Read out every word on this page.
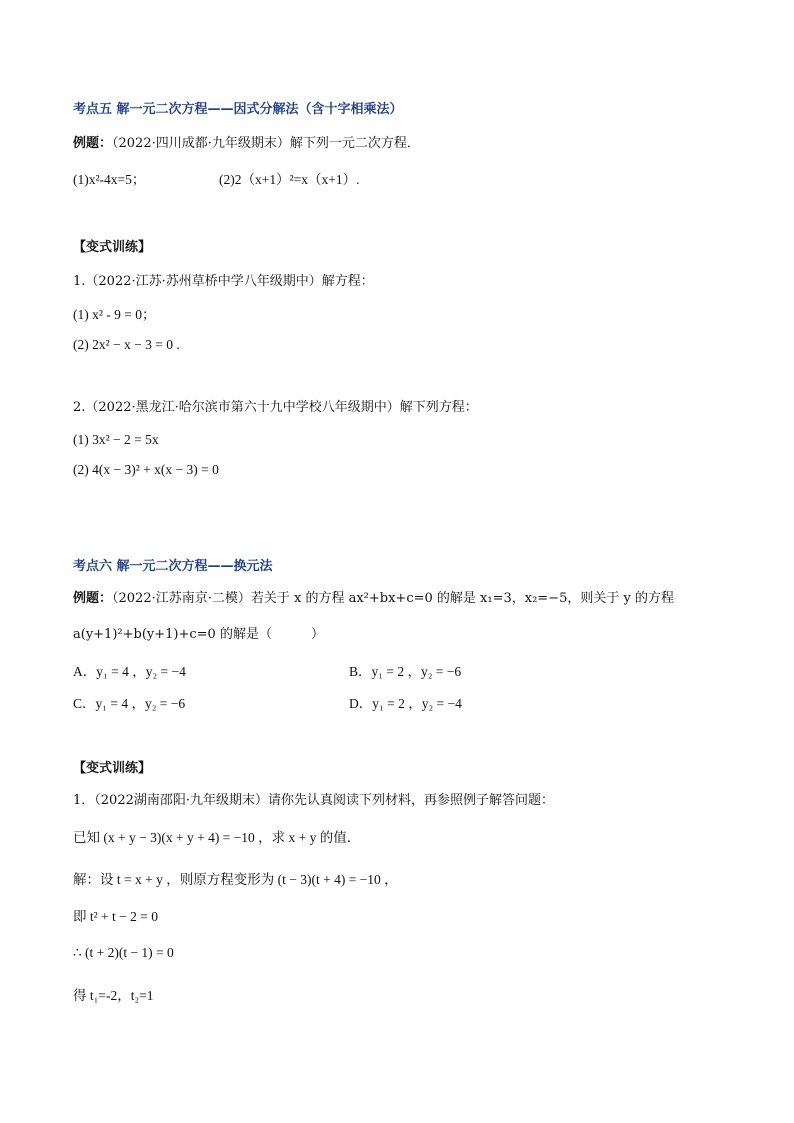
考点五 解一元二次方程——因式分解法（含十字相乘法）
例题：（2022·四川成都·九年级期末）解下列一元二次方程．
(1)x²-4x=5；	(2)2（x+1）²=x（x+1）.
【变式训练】
1.（2022·江苏·苏州草桥中学八年级期中）解方程：
(1) x² - 9 = 0；
(2) 2x² − x − 3 = 0 .
2.（2022·黑龙江·哈尔滨市第六十九中学校八年级期中）解下列方程：
(1) 3x² − 2 = 5x
(2) 4(x − 3)² + x(x − 3) = 0
考点六 解一元二次方程——换元法
例题：（2022·江苏南京·二模）若关于 x 的方程 ax²+bx+c=0 的解是 x₁=3，x₂=−5，则关于 y 的方程
a(y+1)²+b(y+1)+c=0 的解是（　　　）
A．y₁ = 4 ，y₂ = −4	B．y₁ = 2 ，y₂ = −6
C．y₁ = 4 ，y₂ = −6	D．y₁ = 2 ，y₂ = −4
【变式训练】
1．（2022湖南邵阳·九年级期末）请你先认真阅读下列材料，再参照例子解答问题：
已知 (x + y − 3)(x + y + 4) = −10 ，求 x + y 的值．
解：设 t = x + y ，则原方程变形为 (t − 3)(t + 4) = −10 ，
即 t² + t − 2 = 0
∴ (t + 2)(t − 1) = 0
得 t₁=-2，t₂=1
